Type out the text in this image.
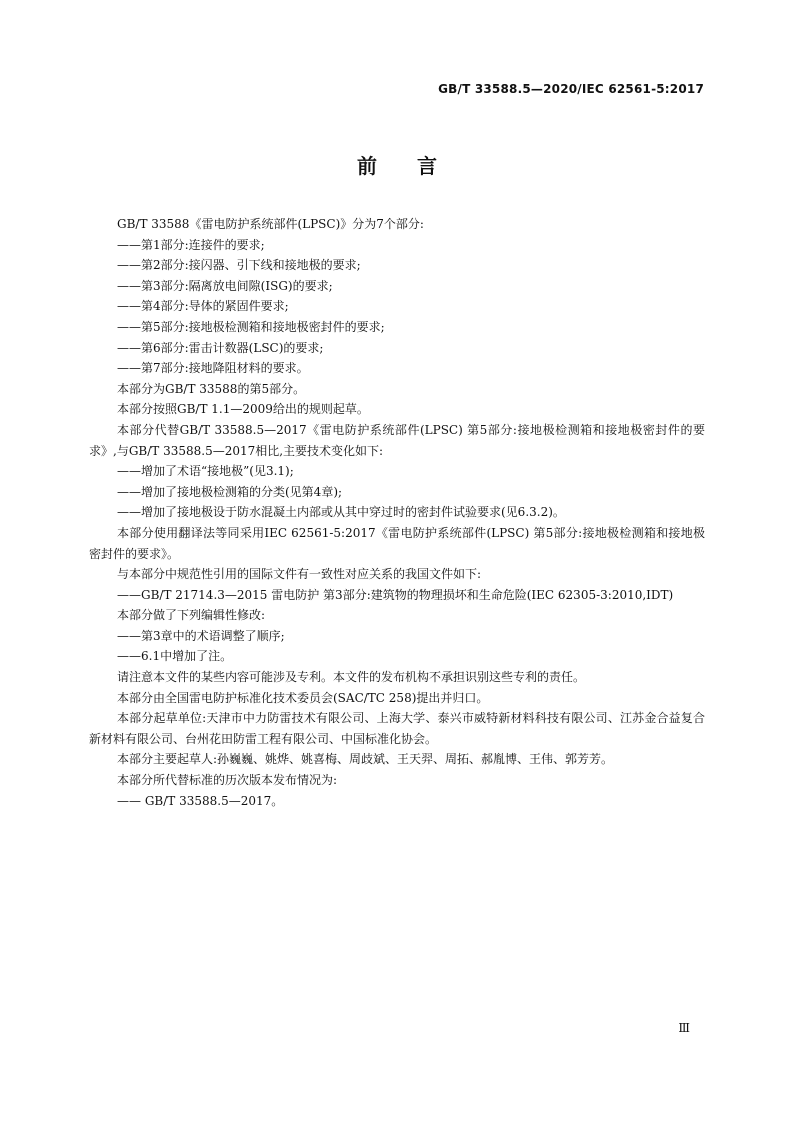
GB/T 33588.5—2020/IEC 62561-5:2017
前言

GB/T 33588《雷电防护系统部件(LPSC)》分为7个部分:

——第1部分:连接件的要求;

——第2部分:接闪器、引下线和接地极的要求;

——第3部分:隔离放电间隙(ISG)的要求;

——第4部分:导体的紧固件要求;

——第5部分:接地极检测箱和接地极密封件的要求;

——第6部分:雷击计数器(LSC)的要求;

——第7部分:接地降阻材料的要求。

本部分为GB/T 33588的第5部分。

本部分按照GB/T 1.1—2009给出的规则起草。

本部分代替GB/T 33588.5—2017《雷电防护系统部件(LPSC) 第5部分:接地极检测箱和接地极密封件的要求》,与GB/T 33588.5—2017相比,主要技术变化如下:

——增加了术语“接地极”(见3.1);

——增加了接地极检测箱的分类(见第4章);

——增加了接地极设于防水混凝土内部或从其中穿过时的密封件试验要求(见6.3.2)。

本部分使用翻译法等同采用IEC 62561-5:2017《雷电防护系统部件(LPSC) 第5部分:接地极检测箱和接地极密封件的要求》。

与本部分中规范性引用的国际文件有一致性对应关系的我国文件如下:

——GB/T 21714.3—2015 雷电防护 第3部分:建筑物的物理损坏和生命危险(IEC 62305-3:2010,IDT)

本部分做了下列编辑性修改:

——第3章中的术语调整了顺序;

——6.1中增加了注。

请注意本文件的某些内容可能涉及专利。本文件的发布机构不承担识别这些专利的责任。

本部分由全国雷电防护标准化技术委员会(SAC/TC 258)提出并归口。

本部分起草单位:天津市中力防雷技术有限公司、上海大学、泰兴市威特新材料科技有限公司、江苏金合益复合新材料有限公司、台州花田防雷工程有限公司、中国标准化协会。

本部分主要起草人:孙巍巍、姚烨、姚喜梅、周歧斌、王天羿、周拓、郝胤博、王伟、郭芳芳。

本部分所代替标准的历次版本发布情况为:

—— GB/T 33588.5—2017。

Ⅲ
